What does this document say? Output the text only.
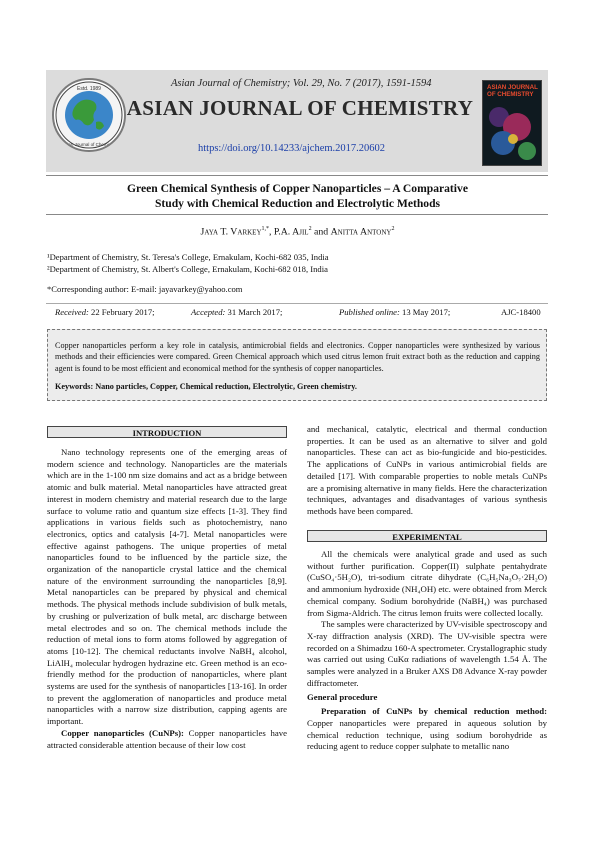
Estd. 1989
Asian Journal of Chemistry
Asian Journal of Chemistry; Vol. 29, No. 7 (2017), 1591-1594
ASIAN JOURNAL OF CHEMISTRY
https://doi.org/10.14233/ajchem.2017.20602
ASIAN JOURNAL OF CHEMISTRY
Green Chemical Synthesis of Copper Nanoparticles – A Comparative
Study with Chemical Reduction and Electrolytic Methods
Jaya T. Varkey$^{1,*}$, P.A. Ajil$^2$ and Anitta Antony$^2$
¹Department of Chemistry, St. Teresa's College, Ernakulam, Kochi-682 035, India
²Department of Chemistry, St. Albert's College, Ernakulam, Kochi-682 018, India
*Corresponding author: E-mail: jayavarkey@yahoo.com
Received: 22 February 2017;	Accepted: 31 March 2017;	Published online: 13 May 2017;	AJC-18400
Copper nanoparticles perform a key role in catalysis, antimicrobial fields and electronics. Copper nanoparticles were synthesized by various methods and their efficiencies were compared. Green Chemical approach which used citrus lemon fruit extract both as the reduction and capping agent is found to be most efficient and economical method for the synthesis of copper nanoparticles.
Keywords: Nano particles, Copper, Chemical reduction, Electrolytic, Green chemistry.
INTRODUCTION

Nano technology represents one of the emerging areas of modern science and technology. Nanoparticles are the materials which are in the 1-100 nm size domains and act as a bridge between atomic and bulk material. Metal nanoparticles have attracted great interest in modern chemistry and material research due to the large surface to volume ratio and quantum size effects [1-3]. They find applications in various fields such as photochemistry, nano electronics, optics and catalysis [4-7]. Metal nanoparticles were effective against pathogens. The unique properties of metal nanoparticles found to be influenced by the particle size, the organization of the nanoparticle crystal lattice and the chemical nature of the environment surrounding the nanoparticles [8,9]. Metal nanoparticles can be prepared by physical and chemical methods. The physical methods include subdivision of bulk metals, by crushing or pulverization of bulk metal, arc discharge between metal electrodes and so on. The chemical methods include the reduction of metal ions to form atoms followed by aggregation of atoms [10-12]. The chemical reductants involve NaBH₄ alcohol, LiAlH₄ molecular hydrogen hydrazine etc. Green method is an eco-friendly method for the production of nanoparticles, where plant systems are used for the synthesis of nanoparticles [13-16]. In order to prevent the agglomeration of nanoparticles and produce metal nanoparticles with a narrow size distribution, capping agents are important.

Copper nanoparticles (CuNPs): Copper nanoparticles have attracted considerable attention because of their low cost

and mechanical, catalytic, electrical and thermal conduction properties. It can be used as an alternative to silver and gold nanoparticles. These can act as bio-fungicide and bio-pesticides. The applications of CuNPs in various antimicrobial fields are detailed [17]. With comparable properties to noble metals CuNPs are a promising alternative in many fields. Here the characterization techniques, advantages and disadvantages of various synthesis methods have been compared.

EXPERIMENTAL

All the chemicals were analytical grade and used as such without further purification. Copper(II) sulphate pentahydrate (CuSO₄·5H₂O), tri-sodium citrate dihydrate (C₆H₅Na₃O₇·2H₂O) and ammonium hydroxide (NH₄OH) etc. were obtained from Merck chemical company. Sodium borohydride (NaBH₄) was purchased from Sigma-Aldrich. The citrus lemon fruits were collected locally.

The samples were characterized by UV-visible spectroscopy and X-ray diffraction analysis (XRD). The UV-visible spectra were recorded on a Shimadzu 160-A spectrometer. Crystallographic study was carried out using CuKα radiations of wavelength 1.54 Å. The samples were analyzed in a Bruker AXS D8 Advance X-ray powder diffractometer.

General procedure

Preparation of CuNPs by chemical reduction method: Copper nanoparticles were prepared in aqueous solution by chemical reduction technique, using sodium borohydride as reducing agent to reduce copper sulphate to metallic nano
